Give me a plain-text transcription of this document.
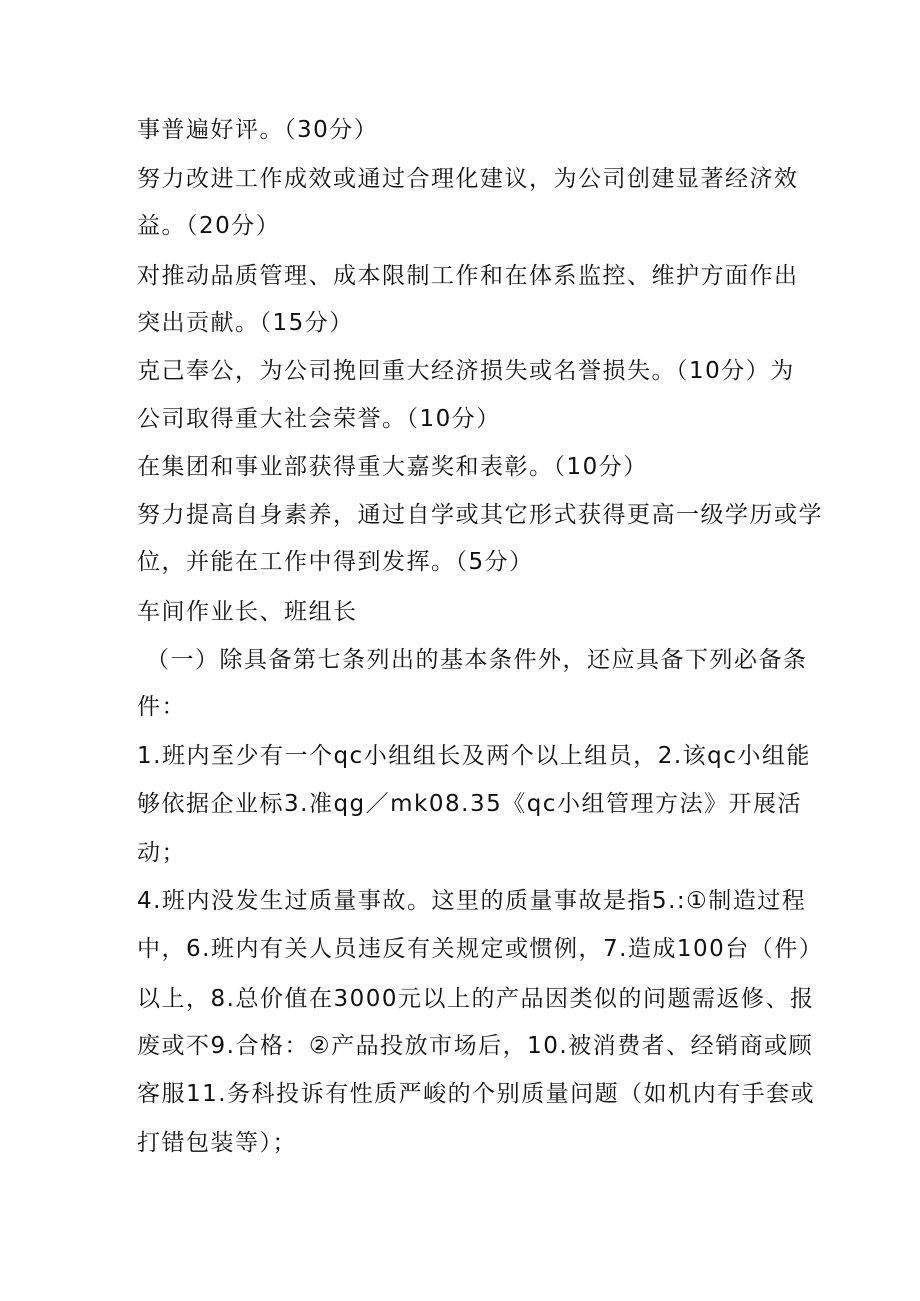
事普遍好评。（30分）
努力改进工作成效或通过合理化建议，为公司创建显著经济效
益。（20分）
对推动品质管理、成本限制工作和在体系监控、维护方面作出
突出贡献。（15分）
克己奉公，为公司挽回重大经济损失或名誉损失。（10分）为
公司取得重大社会荣誉。（10分）
在集团和事业部获得重大嘉奖和表彰。（10分）
努力提高自身素养，通过自学或其它形式获得更高一级学历或学
位，并能在工作中得到发挥。（5分）
车间作业长、班组长
（一）除具备第七条列出的基本条件外，还应具备下列必备条
件：
1.班内至少有一个qc小组组长及两个以上组员，2.该qc小组能
够依据企业标3.准qg／mk08.35《qc小组管理方法》开展活
动；
4.班内没发生过质量事故。这里的质量事故是指5.:①制造过程
中，6.班内有关人员违反有关规定或惯例，7.造成100台（件）
以上，8.总价值在3000元以上的产品因类似的问题需返修、报
废或不9.合格：②产品投放市场后，10.被消费者、经销商或顾
客服11.务科投诉有性质严峻的个别质量问题（如机内有手套或
打错包装等）；
